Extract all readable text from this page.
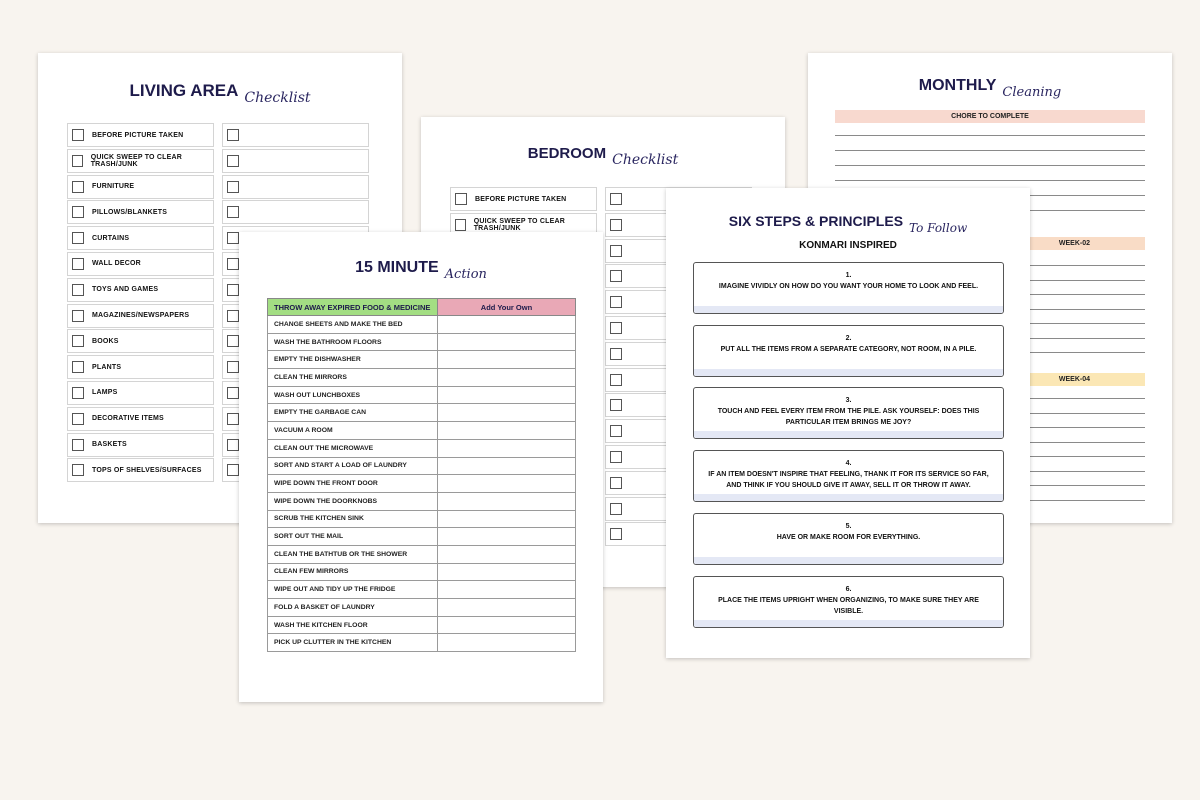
LIVING AREA Checklist
BEFORE PICTURE TAKEN
QUICK SWEEP TO CLEAR TRASH/JUNK
FURNITURE
PILLOWS/BLANKETS
CURTAINS
WALL DECOR
TOYS AND GAMES
MAGAZINES/NEWSPAPERS
BOOKS
PLANTS
LAMPS
DECORATIVE ITEMS
BASKETS
TOPS OF SHELVES/SURFACES
MONTHLY Cleaning
CHORE TO COMPLETE
WEEK-02
WEEK-04
BEDROOM Checklist
BEFORE PICTURE TAKEN
QUICK SWEEP TO CLEAR TRASH/JUNK
15 MINUTE Action
THROW AWAY EXPIRED FOOD & MEDICINE	Add Your Own
CHANGE SHEETS AND MAKE THE BED	
WASH THE BATHROOM FLOORS	
EMPTY THE DISHWASHER	
CLEAN THE MIRRORS	
WASH OUT LUNCHBOXES	
EMPTY THE GARBAGE CAN	
VACUUM A ROOM	
CLEAN OUT THE MICROWAVE	
SORT AND START A LOAD OF LAUNDRY	
WIPE DOWN THE FRONT DOOR	
WIPE DOWN THE DOORKNOBS	
SCRUB THE KITCHEN SINK	
SORT OUT THE MAIL	
CLEAN THE BATHTUB OR THE SHOWER	
CLEAN FEW MIRRORS	
WIPE OUT AND TIDY UP THE FRIDGE	
FOLD A BASKET OF LAUNDRY	
WASH THE KITCHEN FLOOR	
PICK UP CLUTTER IN THE KITCHEN	
SIX STEPS & PRINCIPLES To Follow
KONMARI INSPIRED
1.
IMAGINE VIVIDLY ON HOW DO YOU WANT YOUR HOME TO LOOK AND FEEL.
2.
PUT ALL THE ITEMS FROM A SEPARATE CATEGORY, NOT ROOM, IN A PILE.
3.
TOUCH AND FEEL EVERY ITEM FROM THE PILE. ASK YOURSELF: DOES THIS PARTICULAR ITEM BRINGS ME JOY?
4.
IF AN ITEM DOESN'T INSPIRE THAT FEELING, THANK IT FOR ITS SERVICE SO FAR, AND THINK IF YOU SHOULD GIVE IT AWAY, SELL IT OR THROW IT AWAY.
5.
HAVE OR MAKE ROOM FOR EVERYTHING.
6.
PLACE THE ITEMS UPRIGHT WHEN ORGANIZING, TO MAKE SURE THEY ARE VISIBLE.
